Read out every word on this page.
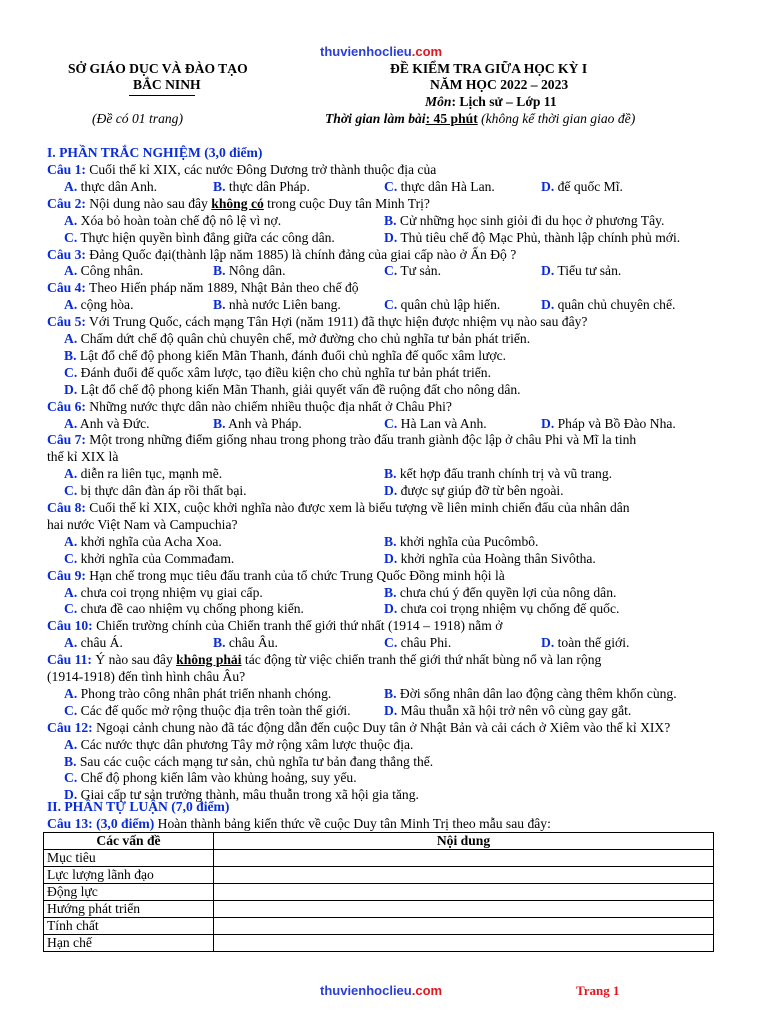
thuvienhoclieu.com
SỞ GIÁO DỤC VÀ ĐÀO TẠO
BẮC NINH
(Đề có 01 trang)
ĐỀ KIỂM TRA GIỮA HỌC KỲ I
NĂM HỌC 2022 – 2023
Môn: Lịch sử – Lớp 11
Thời gian làm bài: 45 phút (không kể thời gian giao đề)
I. PHẦN TRẮC NGHIỆM (3,0 điểm)
Câu 1: Cuối thế kỉ XIX, các nước Đông Dương trở thành thuộc địa của
A. thực dân Anh.	B. thực dân Pháp.	C. thực dân Hà Lan.	D. đế quốc Mĩ.
Câu 2: Nội dung nào sau đây không có trong cuộc Duy tân Minh Trị?
A. Xóa bỏ hoàn toàn chế độ nô lệ vì nợ.	B. Cử những học sinh giỏi đi du học ở phương Tây.
C. Thực hiện quyền bình đẳng giữa các công dân.	D. Thủ tiêu chế độ Mạc Phủ, thành lập chính phủ mới.
Câu 3: Đảng Quốc đại(thành lập năm 1885) là chính đảng của giai cấp nào ở Ấn Độ ?
A. Công nhân.	B. Nông dân.	C. Tư sản.	D. Tiểu tư sản.
Câu 4: Theo Hiến pháp năm 1889, Nhật Bản theo chế độ
A. cộng hòa.	B. nhà nước Liên bang.	C. quân chủ lập hiến.	D. quân chủ chuyên chế.
Câu 5: Với Trung Quốc, cách mạng Tân Hợi (năm 1911) đã thực hiện được nhiệm vụ nào sau đây?
A. Chấm dứt chế độ quân chủ chuyên chế, mở đường cho chủ nghĩa tư bản phát triển.
B. Lật đổ chế độ phong kiến Mãn Thanh, đánh đuổi chủ nghĩa đế quốc xâm lược.
C. Đánh đuổi đế quốc xâm lược, tạo điều kiện cho chủ nghĩa tư bản phát triển.
D. Lật đổ chế độ phong kiến Mãn Thanh, giải quyết vấn đề ruộng đất cho nông dân.
Câu 6: Những nước thực dân nào chiếm nhiều thuộc địa nhất ở Châu Phi?
A. Anh và Đức.	B. Anh và Pháp.	C. Hà Lan và Anh.	D. Pháp và Bồ Đào Nha.
Câu 7: Một trong những điểm giống nhau trong phong trào đấu tranh giành độc lập ở châu Phi và Mĩ la tinh
thế kỉ XIX là
A. diễn ra liên tục, mạnh mẽ.	B. kết hợp đấu tranh chính trị và vũ trang.
C. bị thực dân đàn áp rồi thất bại.	D. được sự giúp đỡ từ bên ngoài.
Câu 8: Cuối thế kỉ XIX, cuộc khởi nghĩa nào được xem là biểu tượng về liên minh chiến đấu của nhân dân
hai nước Việt Nam và Campuchia?
A. khởi nghĩa của Acha Xoa.	B. khởi nghĩa của Pucômbô.
C. khởi nghĩa của Commađam.	D. khởi nghĩa của Hoàng thân Sivôtha.
Câu 9: Hạn chế trong mục tiêu đấu tranh của tổ chức Trung Quốc Đồng minh hội là
A. chưa coi trọng nhiệm vụ giai cấp.	B. chưa chú ý đến quyền lợi của nông dân.
C. chưa đề cao nhiệm vụ chống phong kiến.	D. chưa coi trọng nhiệm vụ chống đế quốc.
Câu 10: Chiến trường chính của Chiến tranh thế giới thứ nhất (1914 – 1918) nằm ở
A. châu Á.	B. châu Âu.	C. châu Phi.	D. toàn thế giới.
Câu 11: Ý nào sau đây không phải tác động từ việc chiến tranh thế giới thứ nhất bùng nổ và lan rộng
(1914-1918) đến tình hình châu Âu?
A. Phong trào công nhân phát triển nhanh chóng.	B. Đời sống nhân dân lao động càng thêm khốn cùng.
C. Các đế quốc mở rộng thuộc địa trên toàn thế giới. D. Mâu thuẫn xã hội trở nên vô cùng gay gắt.
Câu 12: Ngoại cảnh chung nào đã tác động dẫn đến cuộc Duy tân ở Nhật Bản và cải cách ở Xiêm vào thế kỉ XIX?
A. Các nước thực dân phương Tây mở rộng xâm lược thuộc địa.
B. Sau các cuộc cách mạng tư sản, chủ nghĩa tư bản đang thắng thế.
C. Chế độ phong kiến lâm vào khủng hoảng, suy yếu.
D. Giai cấp tư sản trưởng thành, mâu thuẫn trong xã hội gia tăng.
II. PHẦN TỰ LUẬN (7,0 điểm)
Câu 13: (3,0 điểm) Hoàn thành bảng kiến thức về cuộc Duy tân Minh Trị theo mẫu sau đây:
Các vấn đề	Nội dung
Mục tiêu	
Lực lượng lãnh đạo	
Động lực	
Hướng phát triển	
Tính chất	
Hạn chế	
thuvienhoclieu.com	Trang 1
